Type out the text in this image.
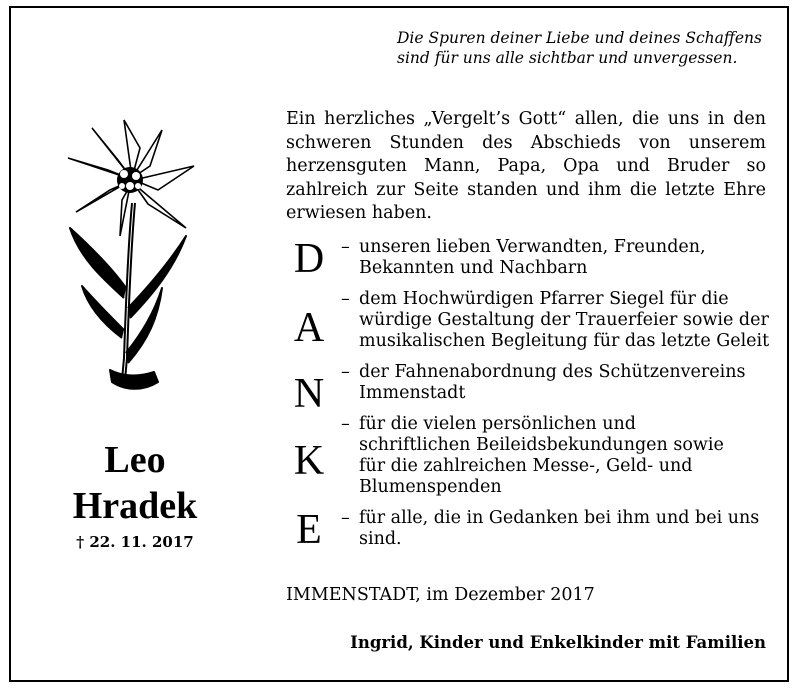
Die Spuren deiner Liebe und deines Schaffens
sind für uns alle sichtbar und unvergessen.
Ein herzliches „Vergelt’s Gott“ allen, die uns in den schweren Stunden des Abschieds von unserem herzensguten Mann, Papa, Opa und Bruder so zahlreich zur Seite standen und ihm die letzte Ehre erwiesen haben.
Leo
Hradek
† 22. 11. 2017
D
A
N
K
E
– unseren lieben Verwandten, Freunden,
Bekannten und Nachbarn
– dem Hochwürdigen Pfarrer Siegel für die
würdige Gestaltung der Trauerfeier sowie der
musikalischen Begleitung für das letzte Geleit
– der Fahnenabordnung des Schützenvereins
Immenstadt
– für die vielen persönlichen und
schriftlichen Beileidsbekundungen sowie
für die zahlreichen Messe-, Geld- und
Blumenspenden
– für alle, die in Gedanken bei ihm und bei uns
sind.
IMMENSTADT, im Dezember 2017
Ingrid, Kinder und Enkelkinder mit Familien
